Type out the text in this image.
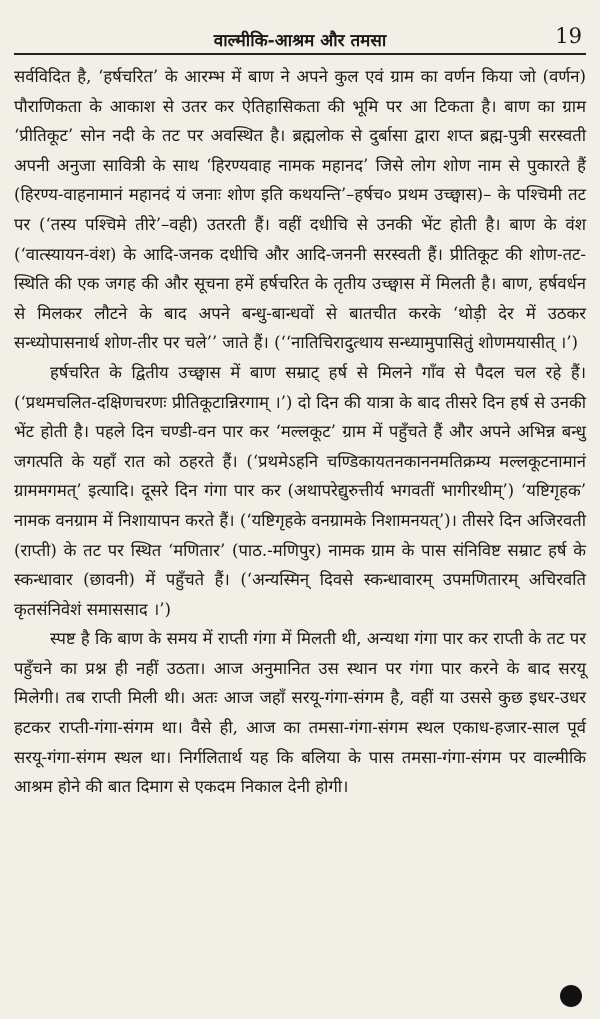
वाल्मीकि-आश्रम और तमसा	19

सर्वविदित है, ‘हर्षचरित’ के आरम्भ में बाण ने अपने कुल एवं ग्राम का वर्णन किया जो (वर्णन) पौराणिकता के आकाश से उतर कर ऐतिहासिकता की भूमि पर आ टिकता है। बाण का ग्राम ‘प्रीतिकूट’ सोन नदी के तट पर अवस्थित है। ब्रह्मलोक से दुर्बासा द्वारा शप्त ब्रह्म-पुत्री सरस्वती अपनी अनुजा सावित्री के साथ ‘हिरण्यवाह नामक महानद’ जिसे लोग शोण नाम से पुकारते हैं (हिरण्य-वाहनामानं महानदं यं जनाः शोण इति कथयन्ति’–हर्षच० प्रथम उच्छ्वास)– के पश्चिमी तट पर (‘तस्य पश्चिमे तीरे’–वही) उतरती हैं। वहीं दधीचि से उनकी भेंट होती है। बाण के वंश (‘वात्स्यायन-वंश) के आदि-जनक दधीचि और आदि-जननी सरस्वती हैं। प्रीतिकूट की शोण-तट-स्थिति की एक जगह की और सूचना हमें हर्षचरित के तृतीय उच्छ्वास में मिलती है। बाण, हर्षवर्धन से मिलकर लौटने के बाद अपने बन्धु-बान्धवों से बातचीत करके ‘थोड़ी देर में उठकर सन्ध्योपासनार्थ शोण-तीर पर चले’’ जाते हैं। (‘‘नातिचिरादुत्थाय सन्ध्यामुपासितुं शोणमयासीत् ।’)

हर्षचरित के द्वितीय उच्छ्वास में बाण सम्राट् हर्ष से मिलने गाँव से पैदल चल रहे हैं। (‘प्रथमचलित-दक्षिणचरणः प्रीतिकूटान्निरगाम् ।’) दो दिन की यात्रा के बाद तीसरे दिन हर्ष से उनकी भेंट होती है। पहले दिन चण्डी-वन पार कर ‘मल्लकूट’ ग्राम में पहुँचते हैं और अपने अभिन्न बन्धु जगत्पति के यहाँ रात को ठहरते हैं। (‘प्रथमेऽहनि चण्डिकायतनकाननमतिक्रम्य मल्लकूटनामानं ग्राममगमत्’ इत्यादि। दूसरे दिन गंगा पार कर (अथापरेद्युरुत्तीर्य भगवतीं भागीरथीम्’) ‘यष्टिगृहक’ नामक वनग्राम में निशायापन करते हैं। (‘यष्टिगृहके वनग्रामके निशामनयत्’)। तीसरे दिन अजिरवती (राप्ती) के तट पर स्थित ‘मणितार’ (पाठ.-मणिपुर) नामक ग्राम के पास संनिविष्ट सम्राट हर्ष के स्कन्धावार (छावनी) में पहुँचते हैं। (‘अन्यस्मिन् दिवसे स्कन्धावारम् उपमणितारम् अचिरवति कृतसंनिवेशं समाससाद ।’)

स्पष्ट है कि बाण के समय में राप्ती गंगा में मिलती थी, अन्यथा गंगा पार कर राप्ती के तट पर पहुँचने का प्रश्न ही नहीं उठता। आज अनुमानित उस स्थान पर गंगा पार करने के बाद सरयू मिलेगी। तब राप्ती मिली थी। अतः आज जहाँ सरयू-गंगा-संगम है, वहीं या उससे कुछ इधर-उधर हटकर राप्ती-गंगा-संगम था। वैसे ही, आज का तमसा-गंगा-संगम स्थल एकाध-हजार-साल पूर्व सरयू-गंगा-संगम स्थल था। निर्गलितार्थ यह कि बलिया के पास तमसा-गंगा-संगम पर वाल्मीकि आश्रम होने की बात दिमाग से एकदम निकाल देनी होगी।
